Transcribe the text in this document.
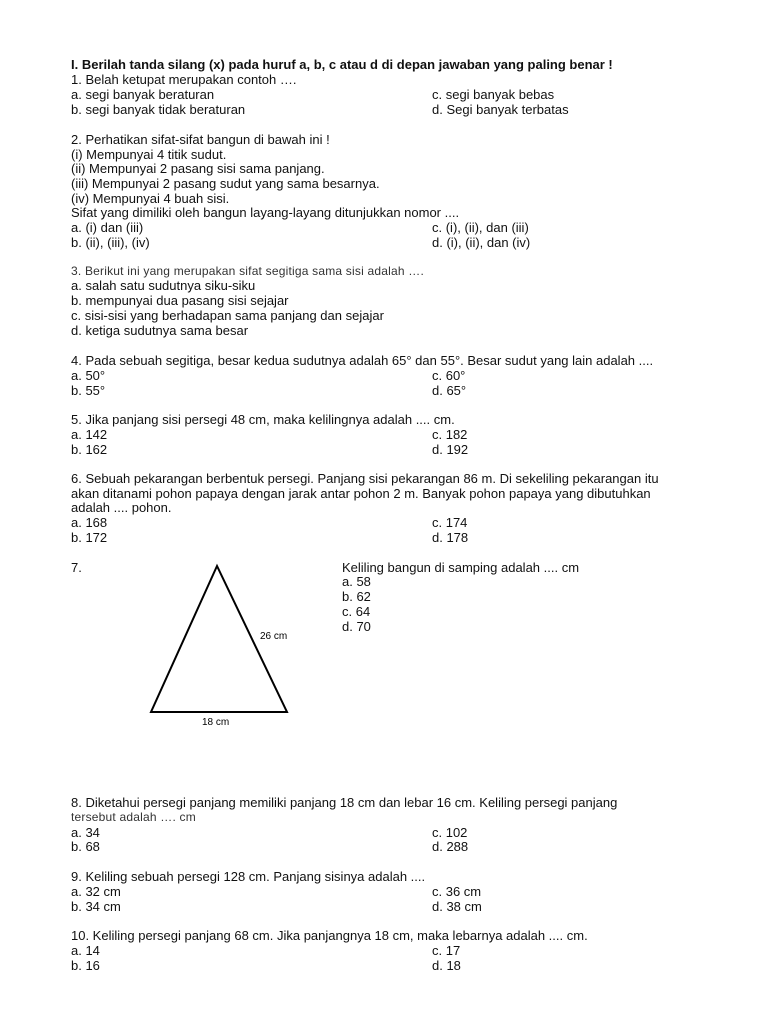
I. Berilah tanda silang (x) pada huruf a, b, c atau d di depan jawaban yang paling benar !
1. Belah ketupat merupakan contoh ….
a. segi banyak beraturan	c. segi banyak bebas
b. segi banyak tidak beraturan	d. Segi banyak terbatas
2. Perhatikan sifat-sifat bangun di bawah ini !
(i) Mempunyai 4 titik sudut.
(ii) Mempunyai 2 pasang sisi sama panjang.
(iii) Mempunyai 2 pasang sudut yang sama besarnya.
(iv) Mempunyai 4 buah sisi.
Sifat yang dimiliki oleh bangun layang-layang ditunjukkan nomor ....
a. (i) dan (iii)	c. (i), (ii), dan (iii)
b. (ii), (iii), (iv)	d. (i), (ii), dan (iv)
3. Berikut ini yang merupakan sifat segitiga sama sisi adalah ….
a. salah satu sudutnya siku-siku
b. mempunyai dua pasang sisi sejajar
c. sisi-sisi yang berhadapan sama panjang dan sejajar
d. ketiga sudutnya sama besar
4. Pada sebuah segitiga, besar kedua sudutnya adalah 65° dan 55°. Besar sudut yang lain adalah ....
a. 50°	c. 60°
b. 55°	d. 65°
5. Jika panjang sisi persegi 48 cm, maka kelilingnya adalah .... cm.
a. 142	c. 182
b. 162	d. 192
6. Sebuah pekarangan berbentuk persegi. Panjang sisi pekarangan 86 m. Di sekeliling pekarangan itu
akan ditanami pohon papaya dengan jarak antar pohon 2 m. Banyak pohon papaya yang dibutuhkan
adalah .... pohon.
a. 168	c. 174
b. 172	d. 178
7.	Keliling bangun di samping adalah .... cm
a. 58
b. 62
c. 64
d. 70
26 cm
18 cm
8. Diketahui persegi panjang memiliki panjang 18 cm dan lebar 16 cm. Keliling persegi panjang
tersebut adalah …. cm
a. 34	c. 102
b. 68	d. 288
9. Keliling sebuah persegi 128 cm. Panjang sisinya adalah ....
a. 32 cm	c. 36 cm
b. 34 cm	d. 38 cm
10. Keliling persegi panjang 68 cm. Jika panjangnya 18 cm, maka lebarnya adalah .... cm.
a. 14	c. 17
b. 16	d. 18
